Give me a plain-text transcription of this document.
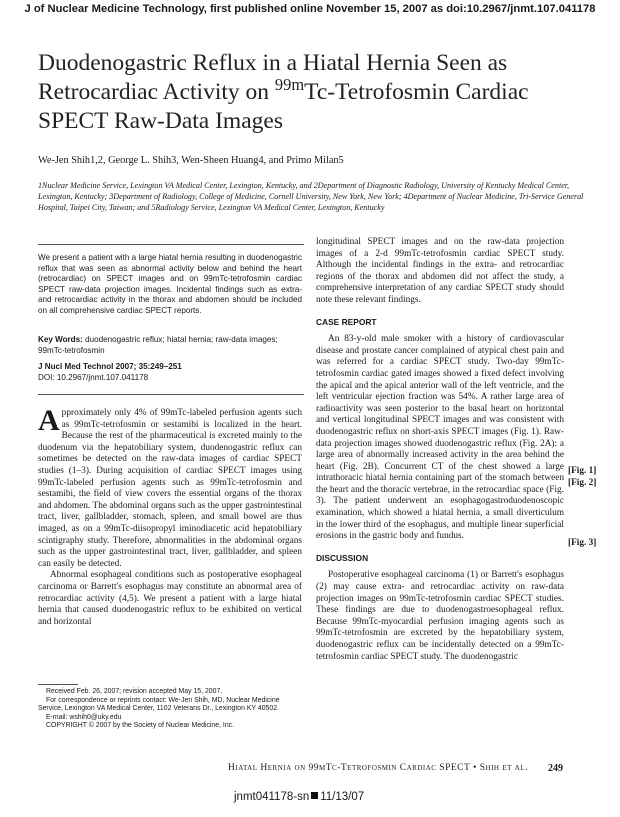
J of Nuclear Medicine Technology, first published online November 15, 2007 as doi:10.2967/jnmt.107.041178
Duodenogastric Reflux in a Hiatal Hernia Seen as Retrocardiac Activity on $^{99m}$Tc-Tetrofosmin Cardiac SPECT Raw-Data Images
We-Jen Shih1,2, George L. Shih3, Wen-Sheen Huang4, and Primo Milan5
1Nuclear Medicine Service, Lexington VA Medical Center, Lexington, Kentucky, and 2Department of Diagnostic Radiology, University of Kentucky Medical Center, Lexington, Kentucky; 3Department of Radiology, College of Medicine, Cornell University, New York, New York; 4Department of Nuclear Medicine, Tri-Service General Hospital, Taipei City, Taiwan; and 5Radiology Service, Lexington VA Medical Center, Lexington, Kentucky

We present a patient with a large hiatal hernia resulting in duodenogastric reflux that was seen as abnormal activity below and behind the heart (retrocardiac) on SPECT images and on 99mTc-tetrofosmin cardiac SPECT raw-data projection images. Incidental findings such as extra- and retrocardiac activity in the thorax and abdomen should be included on all comprehensive cardiac SPECT reports.

Key Words: duodenogastric reflux; hiatal hernia; raw-data images; 99mTc-tetrofosmin
J Nucl Med Technol 2007; 35:249–251
DOI: 10.2967/jnmt.107.041178

Approximately only 4% of 99mTc-labeled perfusion agents such as 99mTc-tetrofosmin or sestamibi is localized in the heart. Because the rest of the pharmaceutical is excreted mainly to the duodenum via the hepatobiliary system, duodenogastric reflux can sometimes be detected on the raw-data images of cardiac SPECT studies (1–3). During acquisition of cardiac SPECT images using 99mTc-labeled perfusion agents such as 99mTc-tetrofosmin and sestamibi, the field of view covers the essential organs of the thorax and abdomen. The abdominal organs such as the upper gastrointestinal tract, liver, gallbladder, stomach, spleen, and small bowel are thus imaged, as on a 99mTc-diisopropyl iminodiacetic acid hepatobiliary scintigraphy study. Therefore, abnormalities in the abdominal organs such as the upper gastrointestinal tract, liver, gallbladder, and spleen can easily be detected.

Abnormal esophageal conditions such as postoperative esophageal carcinoma or Barrett's esophagus may constitute an abnormal area of retrocardiac activity (4,5). We present a patient with a large hiatal hernia that caused duodenogastric reflux to be exhibited on vertical and horizontal

longitudinal SPECT images and on the raw-data projection images of a 2-d 99mTc-tetrofosmin cardiac SPECT study. Although the incidental findings in the extra- and retrocardiac regions of the thorax and abdomen did not affect the study, a comprehensive interpretation of any cardiac SPECT study should note these relevant findings.

CASE REPORT

An 83-y-old male smoker with a history of cardiovascular disease and prostate cancer complained of atypical chest pain and was referred for a cardiac SPECT study. Two-day 99mTc-tetrofosmin cardiac gated images showed a fixed defect involving the apical and the apical anterior wall of the left ventricle, and the left ventricular ejection fraction was 54%. A rather large area of radioactivity was seen posterior to the basal heart on horizontal and vertical longitudinal SPECT images and was consistent with duodenogastric reflux on short-axis SPECT images (Fig. 1). Raw-data projection images showed duodenogastric reflux (Fig. 2A): a large area of abnormally increased activity in the area behind the heart (Fig. 2B). Concurrent CT of the chest showed a large intrathoracic hiatal hernia containing part of the stomach between the heart and the thoracic vertebrae, in the retrocardiac space (Fig. 3). The patient underwent an esophagogastroduodenoscopic examination, which showed a hiatal hernia, a small diverticulum in the lower third of the esophagus, and multiple linear superficial erosions in the gastric body and fundus.

DISCUSSION

Postoperative esophageal carcinoma (1) or Barrett's esophagus (2) may cause extra- and retrocardiac activity on raw-data projection images on 99mTc-tetrofosmin cardiac SPECT studies. These findings are due to duodenogastroesophageal reflux. Because 99mTc-myocardial perfusion imaging agents such as 99mTc-tetrofosmin are excreted by the hepatobiliary system, duodenogastric reflux can be incidentally detected on a 99mTc-tetrofosmin cardiac SPECT study. The duodenogastric

[Fig. 1]
[Fig. 2]
[Fig. 3]

Received Feb. 26, 2007; revision accepted May 15, 2007.

For correspondence or reprints contact: We-Jen Shih, MD, Nuclear Medicine Service, Lexington VA Medical Center, 1102 Veterans Dr., Lexington KY 40502.

E-mail: wshih0@uky.edu

COPYRIGHT © 2007 by the Society of Nuclear Medicine, Inc.

Hiatal Hernia on 99mTc-Tetrofosmin Cardiac SPECT • Shih et al. 249
jnmt041178-sn 11/13/07
